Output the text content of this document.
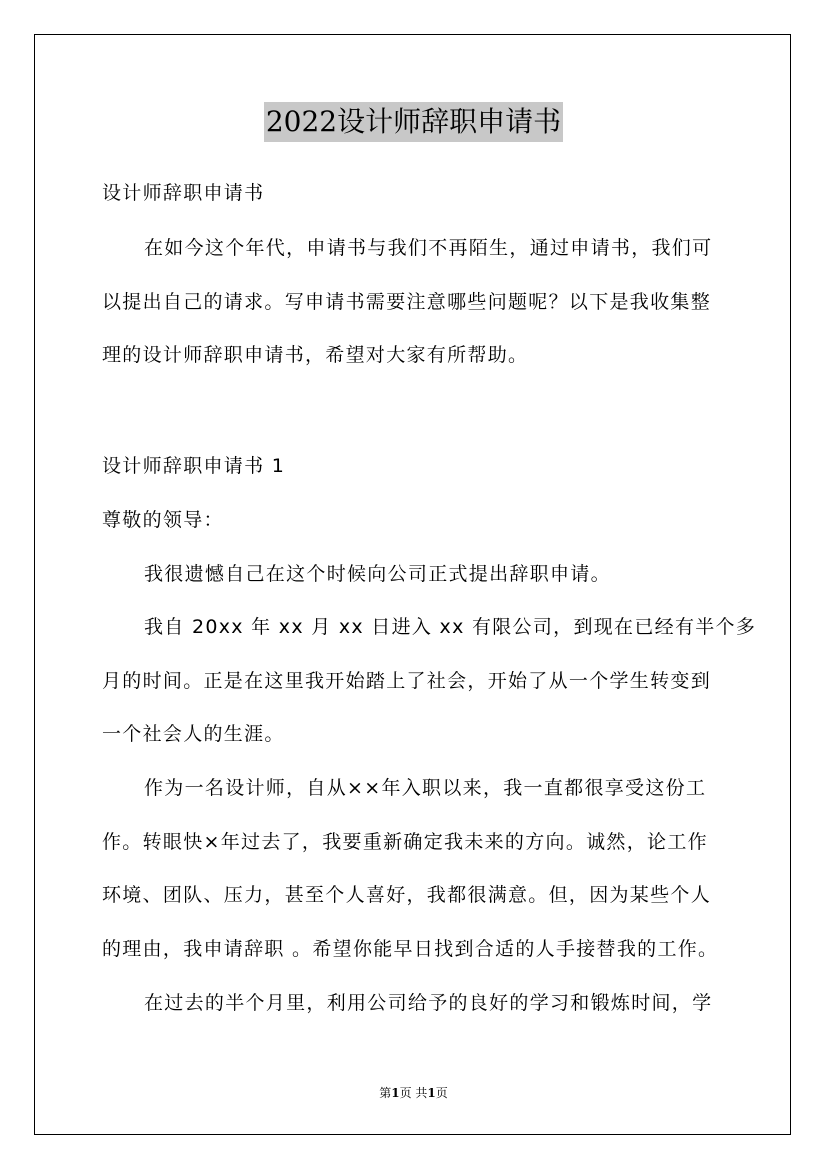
2022设计师辞职申请书
设计师辞职申请书
在如今这个年代，申请书与我们不再陌生，通过申请书，我们可
以提出自己的请求。写申请书需要注意哪些问题呢？以下是我收集整
理的设计师辞职申请书，希望对大家有所帮助。
设计师辞职申请书 1
尊敬的领导：
我很遗憾自己在这个时候向公司正式提出辞职申请。
我自 20xx 年 xx 月 xx 日进入 xx 有限公司，到现在已经有半个多
月的时间。正是在这里我开始踏上了社会，开始了从一个学生转变到
一个社会人的生涯。
作为一名设计师，自从××年入职以来，我一直都很享受这份工
作。转眼快×年过去了，我要重新确定我未来的方向。诚然，论工作
环境、团队、压力，甚至个人喜好，我都很满意。但，因为某些个人
的理由，我申请辞职 。希望你能早日找到合适的人手接替我的工作。
在过去的半个月里，利用公司给予的良好的学习和锻炼时间，学
第1页 共1页
